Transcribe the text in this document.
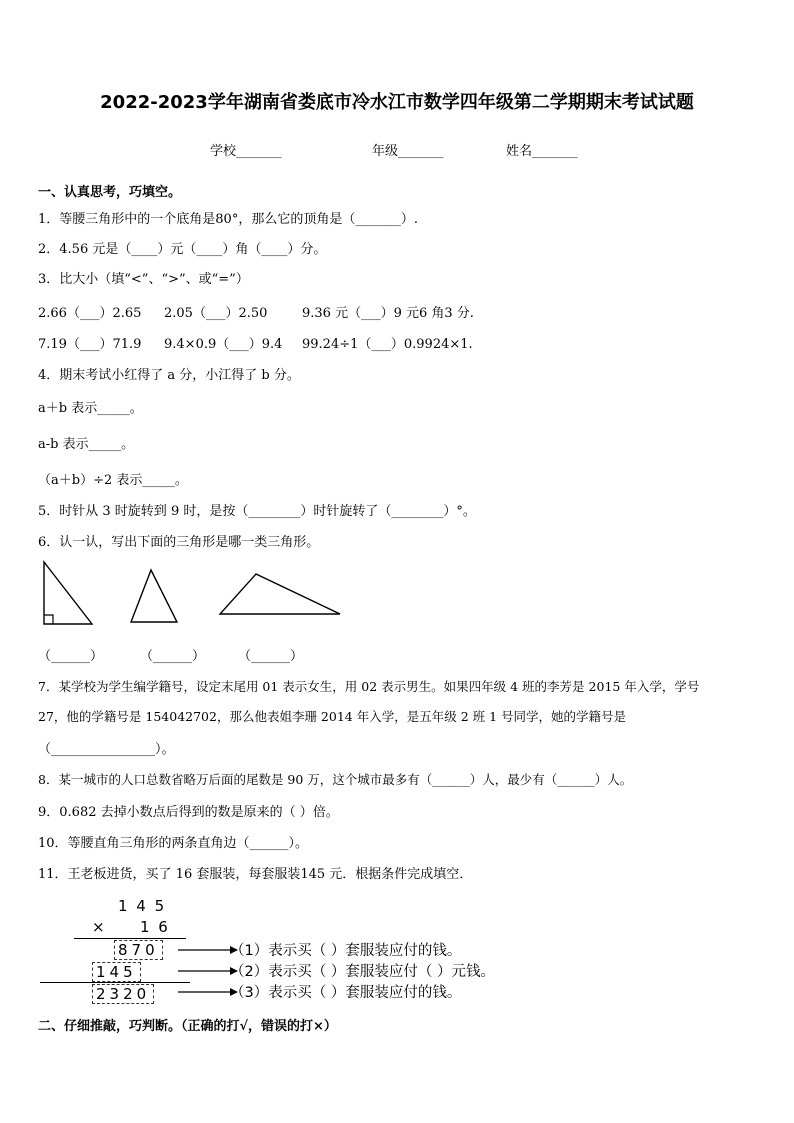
2022-2023学年湖南省娄底市冷水江市数学四年级第二学期期末考试试题
学校_______	年级_______	姓名_______
一、认真思考，巧填空。
1．等腰三角形中的一个底角是80°，那么它的顶角是（_______）.
2．4.56 元是（____）元（____）角（____）分。
3．比大小（填“<”、“>”、或“=”）
2.66（___）2.65 2.05（___）2.50	9.36 元（___）9 元6 角3 分.
7.19（___）71.9 9.4×0.9（___）9.4 99.24÷1（___）0.9924×1.
4．期末考试小红得了 a 分，小江得了 b 分。
a＋b 表示_____。
a-b 表示_____。
（a＋b）÷2 表示_____。
5．时针从 3 时旋转到 9 时，是按（________）时针旋转了（________）°。
6．认一认，写出下面的三角形是哪一类三角形。
（______）	（______）	（______）
7．某学校为学生编学籍号，设定末尾用 01 表示女生，用 02 表示男生。如果四年级 4 班的李芳是 2015 年入学，学号
27，他的学籍号是 154042702，那么他表姐李珊 2014 年入学，是五年级 2 班 1 号同学，她的学籍号是
（________________）。
8．某一城市的人口总数省略万后面的尾数是 90 万，这个城市最多有（______）人，最少有（______）人。
9．0.682 去掉小数点后得到的数是原来的（ ）倍。
10．等腰直角三角形的两条直角边（______）。
11．王老板进货，买了 16 套服装，每套服装145 元．根据条件完成填空．
1 4 5
× 1 6
870
145
2320
（1）表示买（ ）套服装应付的钱。
（2）表示买（ ）套服装应付（ ）元钱。
（3）表示买（ ）套服装应付的钱。
二、仔细推敲，巧判断。（正确的打√，错误的打×）
